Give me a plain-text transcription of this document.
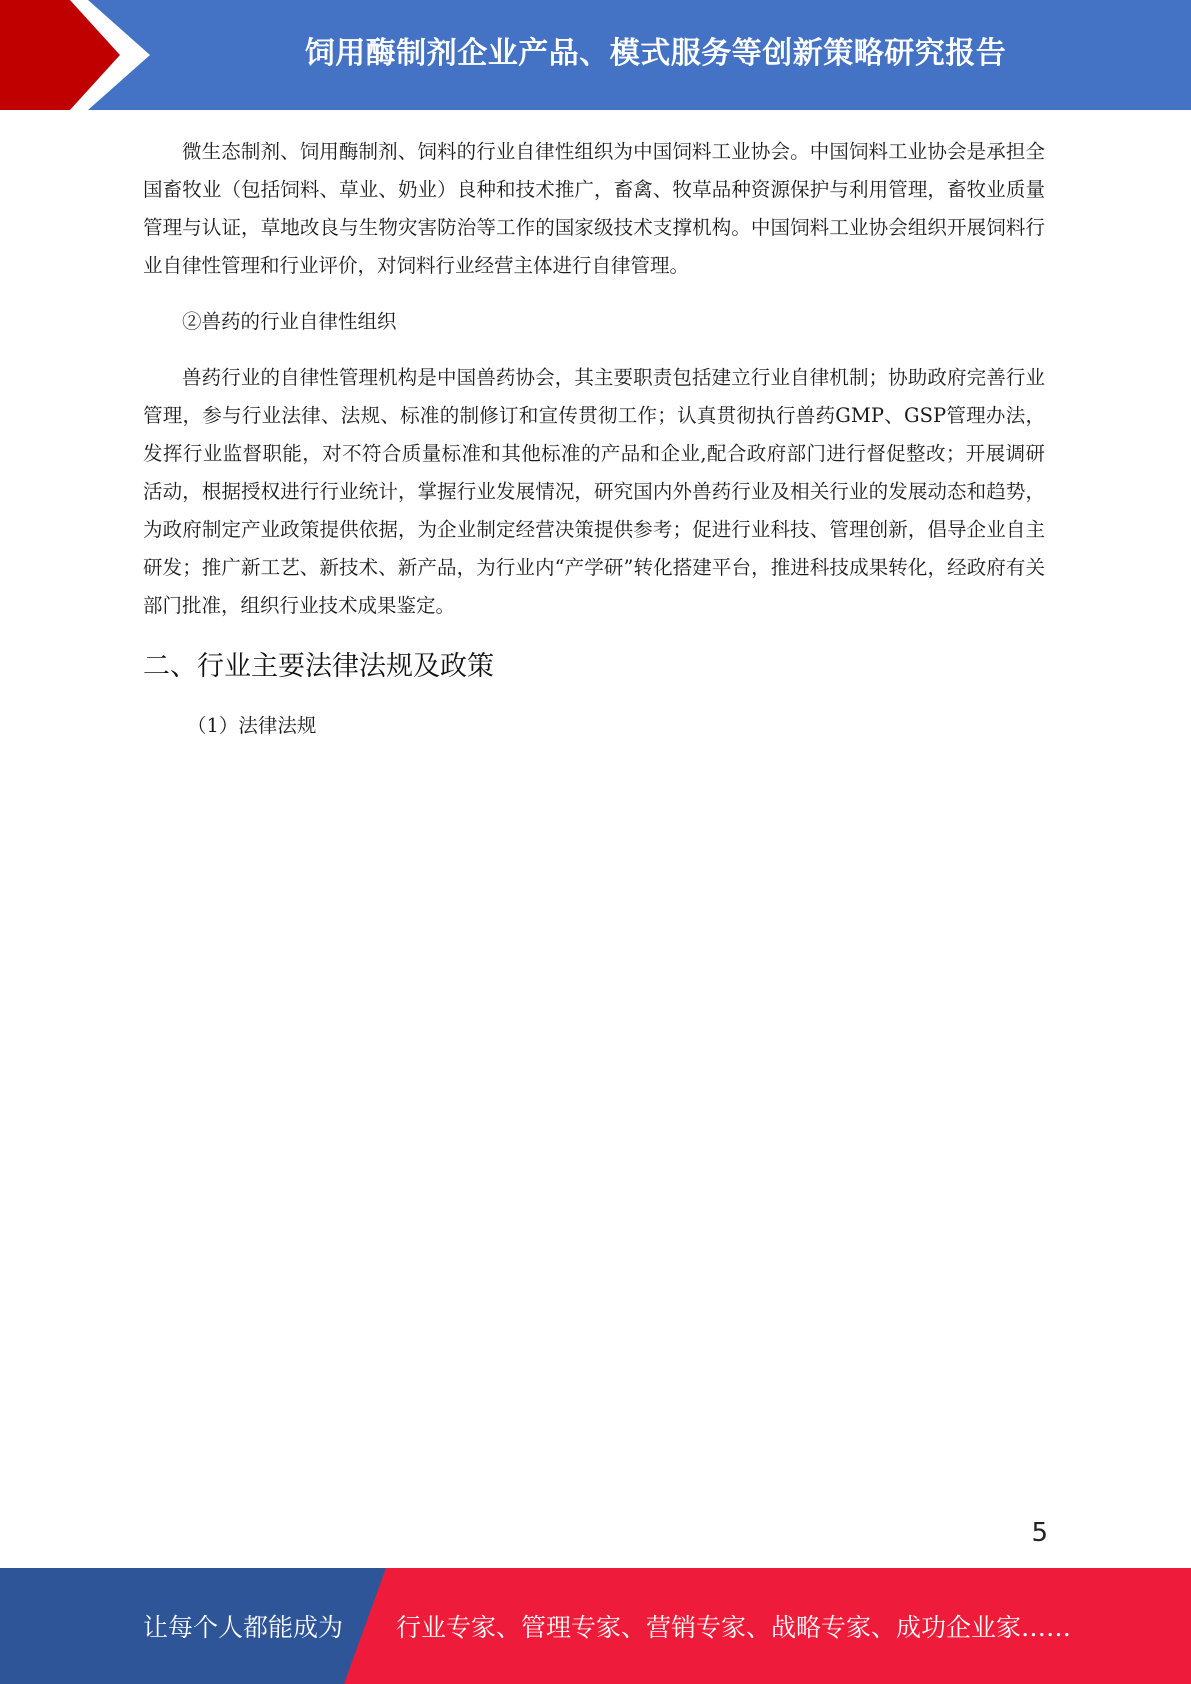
饲用酶制剂企业产品、模式服务等创新策略研究报告

微生态制剂、饲用酶制剂、饲料的行业自律性组织为中国饲料工业协会。中国饲料工业协会是承担全国畜牧业（包括饲料、草业、奶业）良种和技术推广，畜禽、牧草品种资源保护与利用管理，畜牧业质量管理与认证，草地改良与生物灾害防治等工作的国家级技术支撑机构。中国饲料工业协会组织开展饲料行业自律性管理和行业评价，对饲料行业经营主体进行自律管理。

②兽药的行业自律性组织

兽药行业的自律性管理机构是中国兽药协会，其主要职责包括建立行业自律机制；协助政府完善行业管理，参与行业法律、法规、标准的制修订和宣传贯彻工作；认真贯彻执行兽药GMP、GSP管理办法，发挥行业监督职能，对不符合质量标准和其他标准的产品和企业,配合政府部门进行督促整改；开展调研活动，根据授权进行行业统计，掌握行业发展情况，研究国内外兽药行业及相关行业的发展动态和趋势，为政府制定产业政策提供依据，为企业制定经营决策提供参考；促进行业科技、管理创新，倡导企业自主研发；推广新工艺、新技术、新产品，为行业内“产学研”转化搭建平台，推进科技成果转化，经政府有关部门批准，组织行业技术成果鉴定。

二、行业主要法律法规及政策

（1）法律法规

5
让每个人都能成为 行业专家、管理专家、营销专家、战略专家、成功企业家……
